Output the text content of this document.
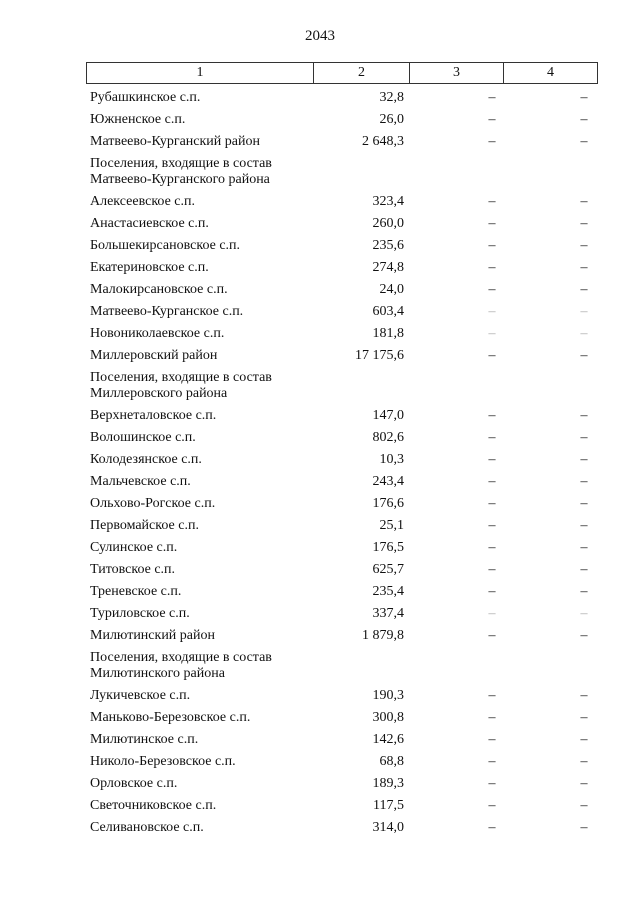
2043
1	2	3	4
Рубашкинское с.п.	32,8	–	–
Южненское с.п.	26,0	–	–
Матвеево-Курганский район	2 648,3	–	–
Поселения, входящие в состав Матвеево-Курганского района
Алексеевское с.п.	323,4	–	–
Анастасиевское с.п.	260,0	–	–
Большекирсановское с.п.	235,6	–	–
Екатериновское с.п.	274,8	–	–
Малокирсановское с.п.	24,0	–	–
Матвеево-Курганское с.п.	603,4	–	–
Новониколаевское с.п.	181,8	–	–
Миллеровский район	17 175,6	–	–
Поселения, входящие в состав Миллеровского района
Верхнеталовское с.п.	147,0	–	–
Волошинское с.п.	802,6	–	–
Колодезянское с.п.	10,3	–	–
Мальчевское с.п.	243,4	–	–
Ольхово-Рогское с.п.	176,6	–	–
Первомайское с.п.	25,1	–	–
Сулинское с.п.	176,5	–	–
Титовское с.п.	625,7	–	–
Треневское с.п.	235,4	–	–
Туриловское с.п.	337,4	–	–
Милютинский район	1 879,8	–	–
Поселения, входящие в состав Милютинского района
Лукичевское с.п.	190,3	–	–
Маньково-Березовское с.п.	300,8	–	–
Милютинское с.п.	142,6	–	–
Николо-Березовское с.п.	68,8	–	–
Орловское с.п.	189,3	–	–
Светочниковское с.п.	117,5	–	–
Селивановское с.п.	314,0	–	–
